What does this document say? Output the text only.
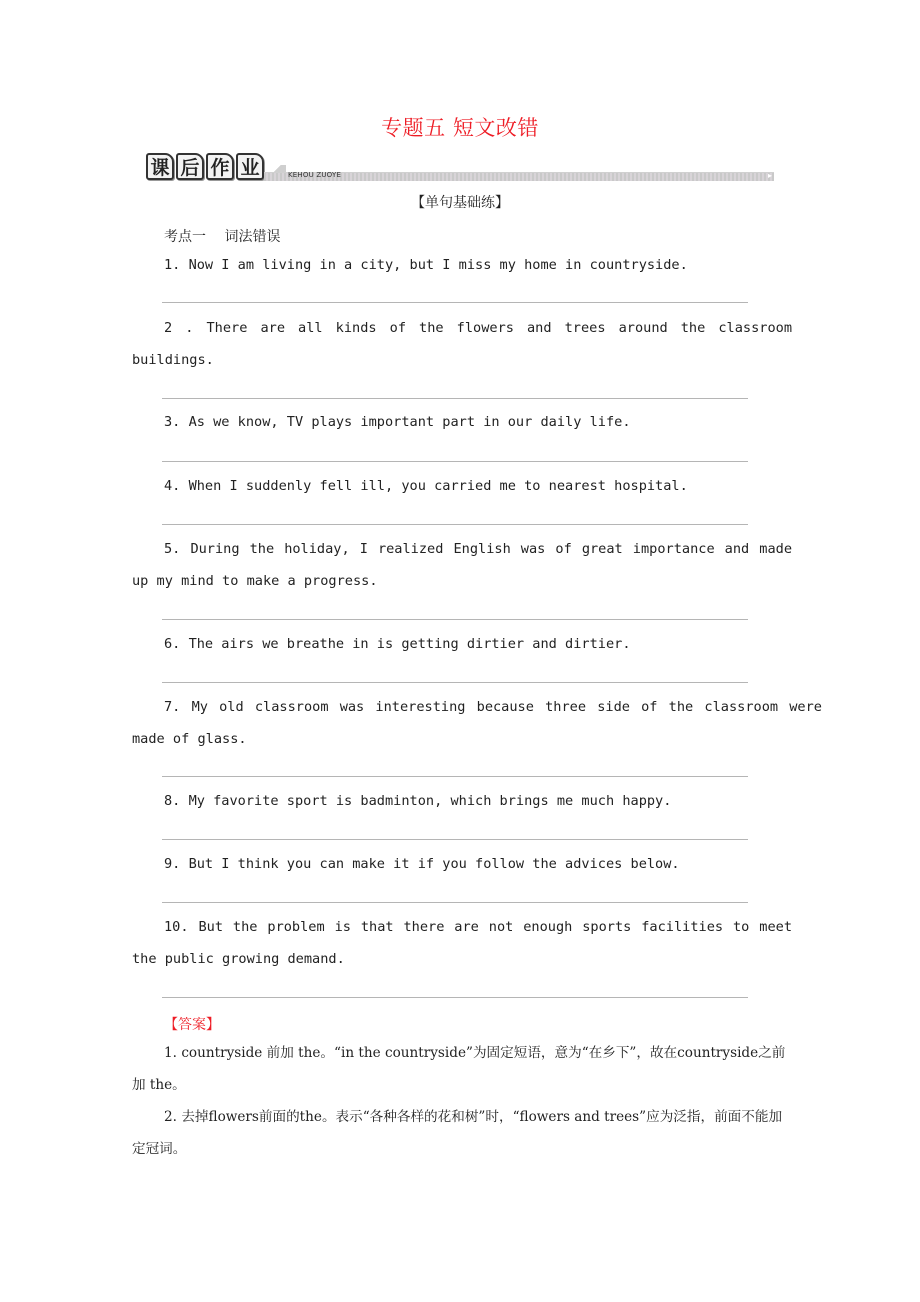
专题五 短文改错
课 后 作 业	KEHOU ZUOYE	▸
【单句基础练】
考点一 词法错误
1. Now I am living in a city, but I miss my home in countryside.
2 . There are all kinds of the flowers and trees around the classroom buildings.
3. As we know, TV plays important part in our daily life.
4. When I suddenly fell ill, you carried me to nearest hospital.
5. During the holiday, I realized English was of great importance and made up my mind to make a progress.
6. The airs we breathe in is getting dirtier and dirtier.
7. My old classroom was interesting because three side of the classroom were made of glass.
8. My favorite sport is badminton, which brings me much happy.
9. But I think you can make it if you follow the advices below.
10. But the problem is that there are not enough sports facilities to meet the public growing demand.
【答案】
1. countryside 前加 the。“in the countryside”为固定短语，意为“在乡下”，故在countryside之前加 the。
2. 去掉flowers前面的the。表示“各种各样的花和树”时，“flowers and trees”应为泛指，前面不能加定冠词。
